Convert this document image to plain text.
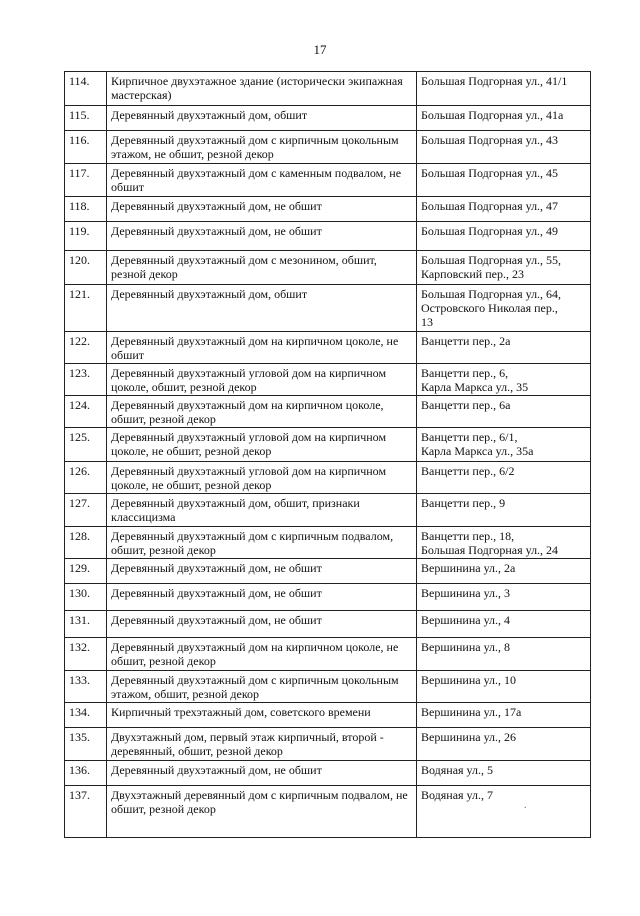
17
114.	Кирпичное двухэтажное здание (исторически экипажная мастерская)	Большая Подгорная ул., 41/1

115.	Деревянный двухэтажный дом, обшит	Большая Подгорная ул., 41а

116.	Деревянный двухэтажный дом с кирпичным цокольным этажом, не обшит, резной декор	Большая Подгорная ул., 43

117.	Деревянный двухэтажный дом с каменным подвалом, не обшит	Большая Подгорная ул., 45

118.	Деревянный двухэтажный дом, не обшит	Большая Подгорная ул., 47

119.	Деревянный двухэтажный дом, не обшит	Большая Подгорная ул., 49

120.	Деревянный двухэтажный дом с мезонином, обшит, резной декор	Большая Подгорная ул., 55,
Карповский пер., 23

121.	Деревянный двухэтажный дом, обшит	Большая Подгорная ул., 64,
Островского Николая пер.,
13

122.	Деревянный двухэтажный дом на кирпичном цоколе, не обшит	Ванцетти пер., 2а

123.	Деревянный двухэтажный угловой дом на кирпичном цоколе, обшит, резной декор	Ванцетти пер., 6,
Карла Маркса ул., 35

124.	Деревянный двухэтажный дом на кирпичном цоколе, обшит, резной декор	Ванцетти пер., 6а

125.	Деревянный двухэтажный угловой дом на кирпичном цоколе, не обшит, резной декор	Ванцетти пер., 6/1,
Карла Маркса ул., 35а

126.	Деревянный двухэтажный угловой дом на кирпичном цоколе, не обшит, резной декор	Ванцетти пер., 6/2

127.	Деревянный двухэтажный дом, обшит, признаки классицизма	Ванцетти пер., 9

128.	Деревянный двухэтажный дом с кирпичным подвалом, обшит, резной декор	Ванцетти пер., 18,
Большая Подгорная ул., 24

129.	Деревянный двухэтажный дом, не обшит	Вершинина ул., 2а

130.	Деревянный двухэтажный дом, не обшит	Вершинина ул., 3

131.	Деревянный двухэтажный дом, не обшит	Вершинина ул., 4

132.	Деревянный двухэтажный дом на кирпичном цоколе, не обшит, резной декор	Вершинина ул., 8

133.	Деревянный двухэтажный дом с кирпичным цокольным этажом, обшит, резной декор	Вершинина ул., 10

134.	Кирпичный трехэтажный дом, советского времени	Вершинина ул., 17а

135.	Двухэтажный дом, первый этаж кирпичный, второй - деревянный, обшит, резной декор	Вершинина ул., 26

136.	Деревянный двухэтажный дом, не обшит	Водяная ул., 5

137.	Двухэтажный деревянный дом с кирпичным подвалом, не обшит, резной декор	Водяная ул., 7
.
